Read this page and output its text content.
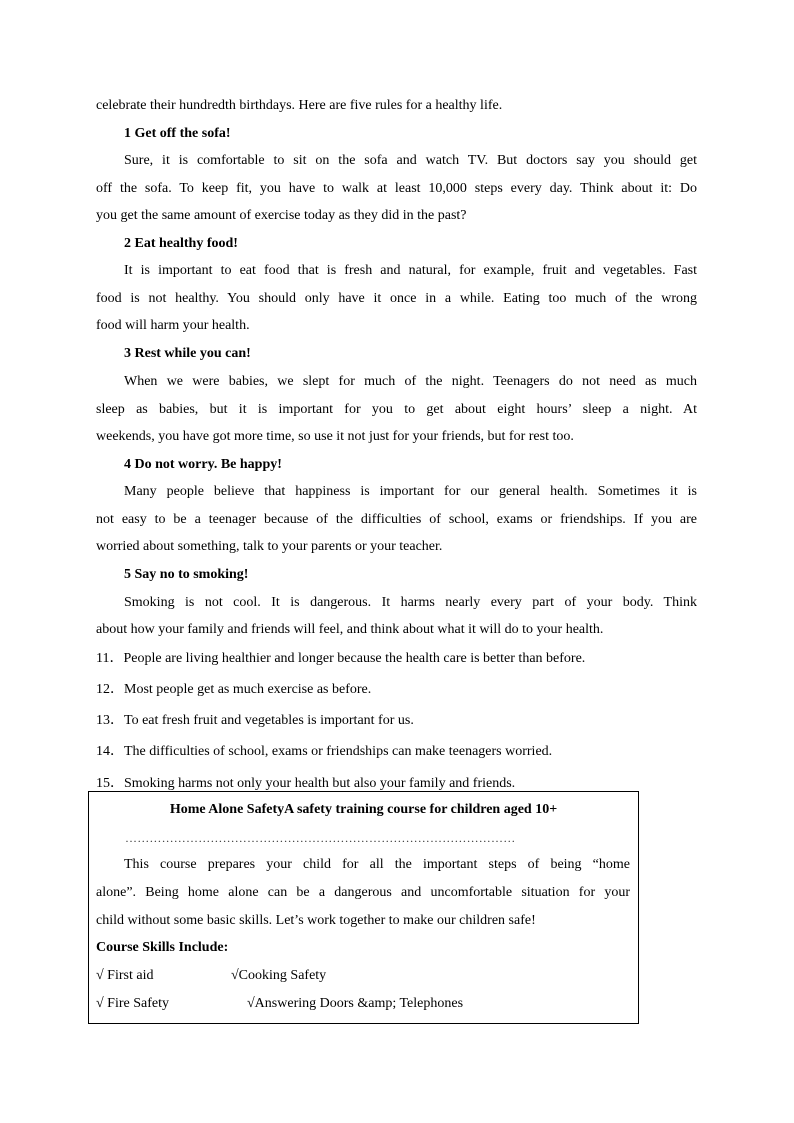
celebrate their hundredth birthdays. Here are five rules for a healthy life.
1 Get off the sofa!
Sure, it is comfortable to sit on the sofa and watch TV. But doctors say you should get
off the sofa. To keep fit, you have to walk at least 10,000 steps every day. Think about it: Do
you get the same amount of exercise today as they did in the past?
2 Eat healthy food!
It is important to eat food that is fresh and natural, for example, fruit and vegetables. Fast
food is not healthy. You should only have it once in a while. Eating too much of the wrong
food will harm your health.
3 Rest while you can!
When we were babies, we slept for much of the night. Teenagers do not need as much
sleep as babies, but it is important for you to get about eight hours’ sleep a night. At
weekends, you have got more time, so use it not just for your friends, but for rest too.
4 Do not worry. Be happy!
Many people believe that happiness is important for our general health. Sometimes it is
not easy to be a teenager because of the difficulties of school, exams or friendships. If you are
worried about something, talk to your parents or your teacher.
5 Say no to smoking!
Smoking is not cool. It is dangerous. It harms nearly every part of your body. Think
about how your family and friends will feel, and think about what it will do to your health.
11．People are living healthier and longer because the health care is better than before.
12．Most people get as much exercise as before.
13．To eat fresh fruit and vegetables is important for us.
14．The difficulties of school, exams or friendships can make teenagers worried.
15．Smoking harms not only your health but also your family and friends.
Home Alone SafetyA safety training course for children aged 10+
……………………………………………………………………………………
This course prepares your child for all the important steps of being “home
alone”. Being home alone can be a dangerous and uncomfortable situation for your
child without some basic skills. Let’s work together to make our children safe!
Course Skills Include:
√ First aid	√Cooking Safety
√ Fire Safety	√Answering Doors &amp; Telephones
